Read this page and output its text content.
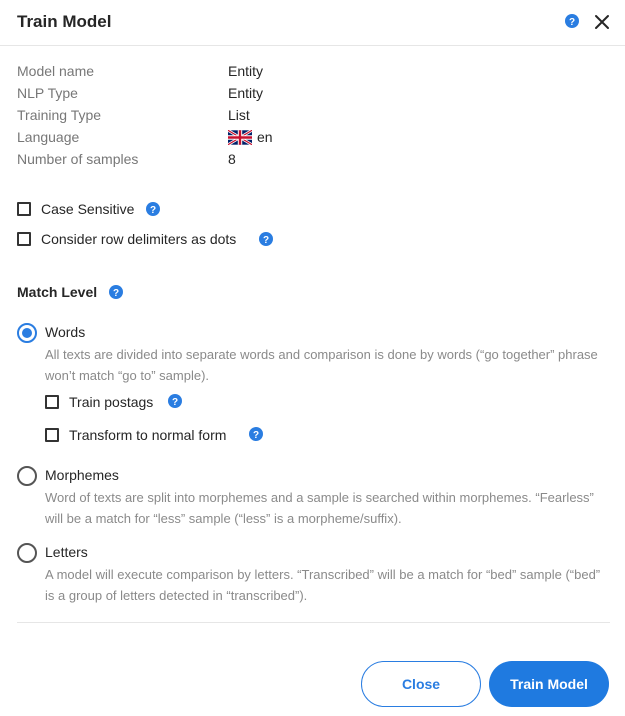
Train Model	?
Model name	Entity
NLP Type	Entity
Training Type	List
Language	en
Number of samples	8
Case Sensitive ?
Consider row delimiters as dots	?
Match Level ?
Words
All texts are divided into separate words and comparison is done by words (“go together” phrase won’t match “go to” sample).
Train postags ?
Transform to normal form	?
Morphemes
Word of texts are split into morphemes and a sample is searched within morphemes. “Fearless” will be a match for “less” sample (“less” is a morpheme/suffix).
Letters
A model will execute comparison by letters. “Transcribed” will be a match for “bed” sample (“bed” is a group of letters detected in “transcribed”).
Close	Train Model
